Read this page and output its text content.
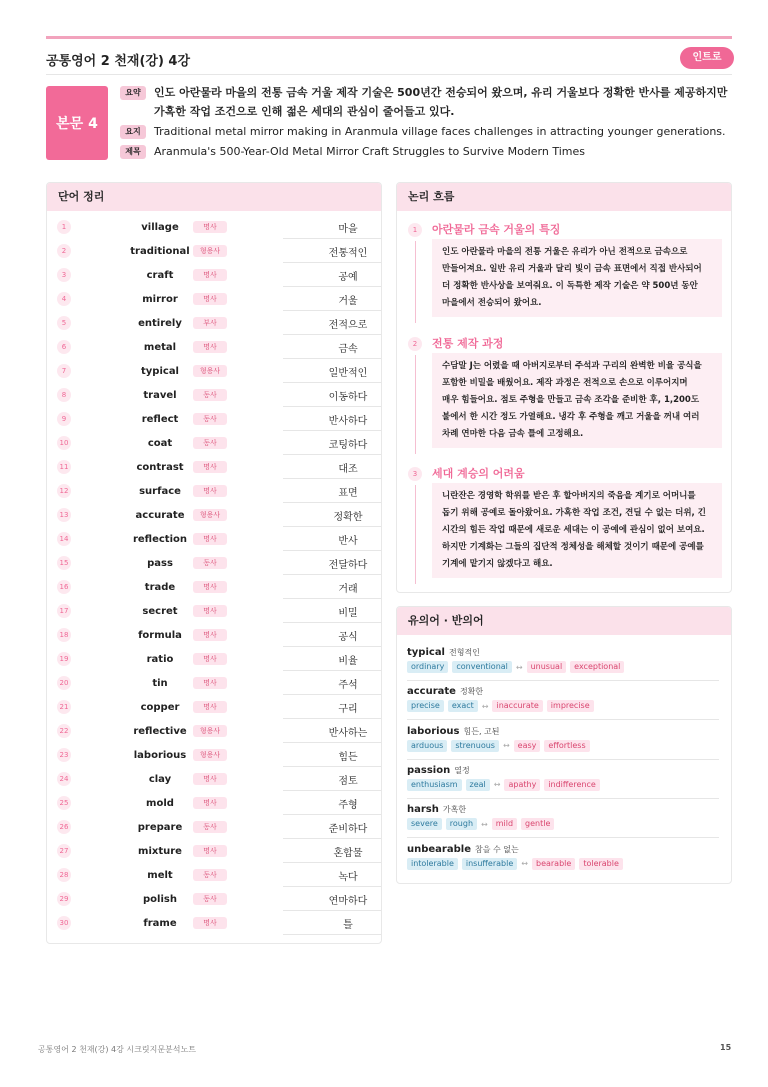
공통영어 2 천재(강) 4강	인트로
본문 4
요약	인도 아란물라 마을의 전통 금속 거울 제작 기술은 500년간 전승되어 왔으며, 유리 거울보다 정확한 반사를 제공하지만
가혹한 작업 조건으로 인해 젊은 세대의 관심이 줄어들고 있다.
요지	Traditional metal mirror making in Aranmula village faces challenges in attracting younger generations.
제목	Aranmula's 500-Year-Old Metal Mirror Craft Struggles to Survive Modern Times
단어 정리
1	village	명사	마을
2	traditional	형용사	전통적인
3	craft	명사	공예
4	mirror	명사	거울
5	entirely	부사	전적으로
6	metal	명사	금속
7	typical	형용사	일반적인
8	travel	동사	이동하다
9	reflect	동사	반사하다
10	coat	동사	코팅하다
11	contrast	명사	대조
12	surface	명사	표면
13	accurate	형용사	정확한
14	reflection	명사	반사
15	pass	동사	전달하다
16	trade	명사	거래
17	secret	명사	비밀
18	formula	명사	공식
19	ratio	명사	비율
20	tin	명사	주석
21	copper	명사	구리
22	reflective	형용사	반사하는
23	laborious	형용사	힘든
24	clay	명사	점토
25	mold	명사	주형
26	prepare	동사	준비하다
27	mixture	명사	혼합물
28	melt	동사	녹다
29	polish	동사	연마하다
30	frame	명사	틀
논리 흐름
1	아란물라 금속 거울의 특징
인도 아란물라 마을의 전통 거울은 유리가 아닌 전적으로 금속으로
만들어져요. 일반 유리 거울과 달리 빛이 금속 표면에서 직접 반사되어
더 정확한 반사상을 보여줘요. 이 독특한 제작 기술은 약 500년 동안
마을에서 전승되어 왔어요.
2	전통 제작 과정
수담말 J는 어렸을 때 아버지로부터 주석과 구리의 완벽한 비율 공식을
포함한 비밀을 배웠어요. 제작 과정은 전적으로 손으로 이루어지며
매우 힘들어요. 점토 주형을 만들고 금속 조각을 준비한 후, 1,200도
불에서 한 시간 정도 가열해요. 냉각 후 주형을 깨고 거울을 꺼내 여러
차례 연마한 다음 금속 틀에 고정해요.
3	세대 계승의 어려움
니란잔은 경영학 학위를 받은 후 할아버지의 죽음을 계기로 어머니를
돕기 위해 공예로 돌아왔어요. 가혹한 작업 조건, 견딜 수 없는 더위, 긴
시간의 힘든 작업 때문에 새로운 세대는 이 공예에 관심이 없어 보여요.
하지만 기계화는 그들의 집단적 정체성을 해체할 것이기 때문에 공예를
기계에 맡기지 않겠다고 해요.
유의어 · 반의어
typical 전형적인
ordinary	conventional	↔	unusual	exceptional
accurate 정확한
precise	exact	↔	inaccurate	imprecise
laborious 힘든, 고된
arduous	strenuous	↔	easy	effortless
passion 열정
enthusiasm	zeal	↔	apathy	indifference
harsh 가혹한
severe	rough	↔	mild	gentle
unbearable 참을 수 없는
intolerable	insufferable	↔	bearable	tolerable
공통영어 2 천재(강) 4강 시크릿지문분석노트	15
